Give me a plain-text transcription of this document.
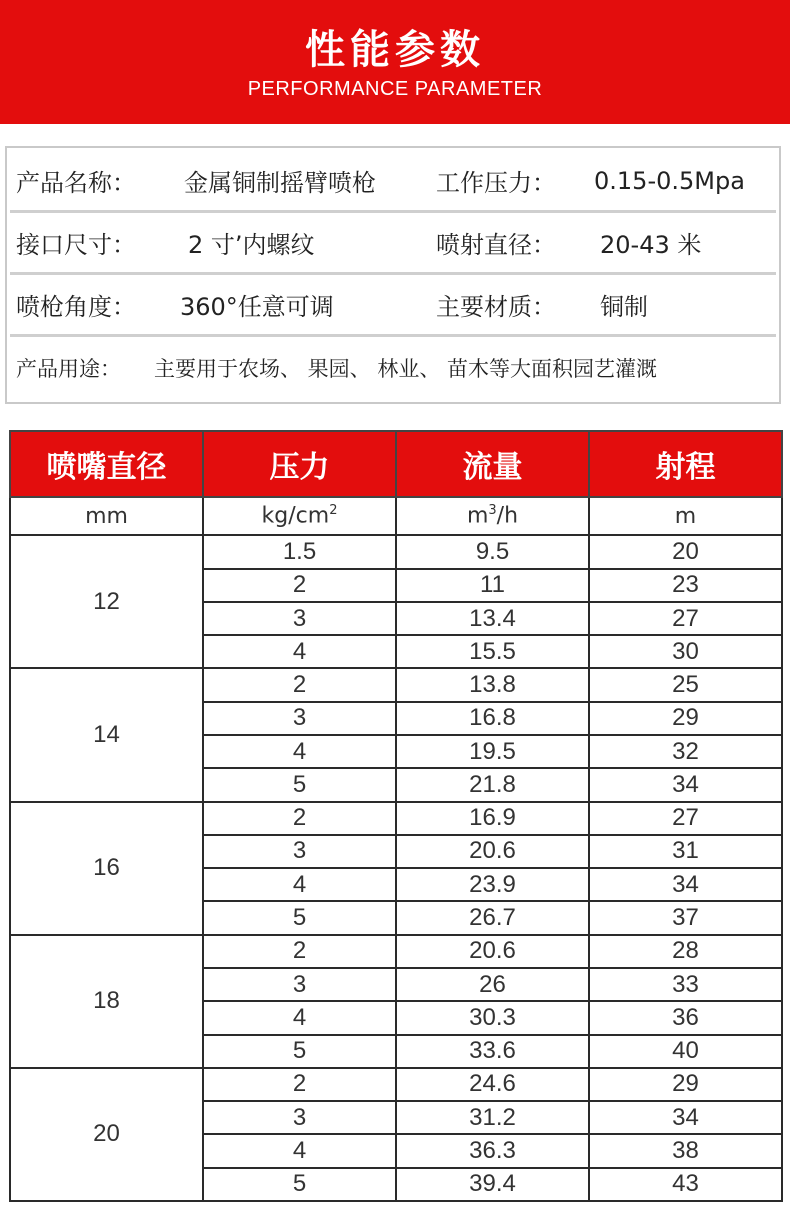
性能参数
PERFORMANCE PARAMETER
产品名称： 金属铜制摇臂喷枪	工作压力： 0.15-0.5Mpa
接口尺寸： 2 寸’内螺纹	喷射直径： 20-43 米
喷枪角度： 360°任意可调	主要材质： 铜制
产品用途： 主要用于农场、 果园、 林业、 苗木等大面积园艺灌溉
喷嘴直径	压力	流量	射程
mm	$kg/cm^2$	$m^3/h$	m
12	1.5	9.5	20
	2	11	23
	3	13.4	27
	4	15.5	30
14	2	13.8	25
	3	16.8	29
	4	19.5	32
	5	21.8	34
16	2	16.9	27
	3	20.6	31
	4	23.9	34
	5	26.7	37
18	2	20.6	28
	3	26	33
	4	30.3	36
	5	33.6	40
20	2	24.6	29
	3	31.2	34
	4	36.3	38
	5	39.4	43
